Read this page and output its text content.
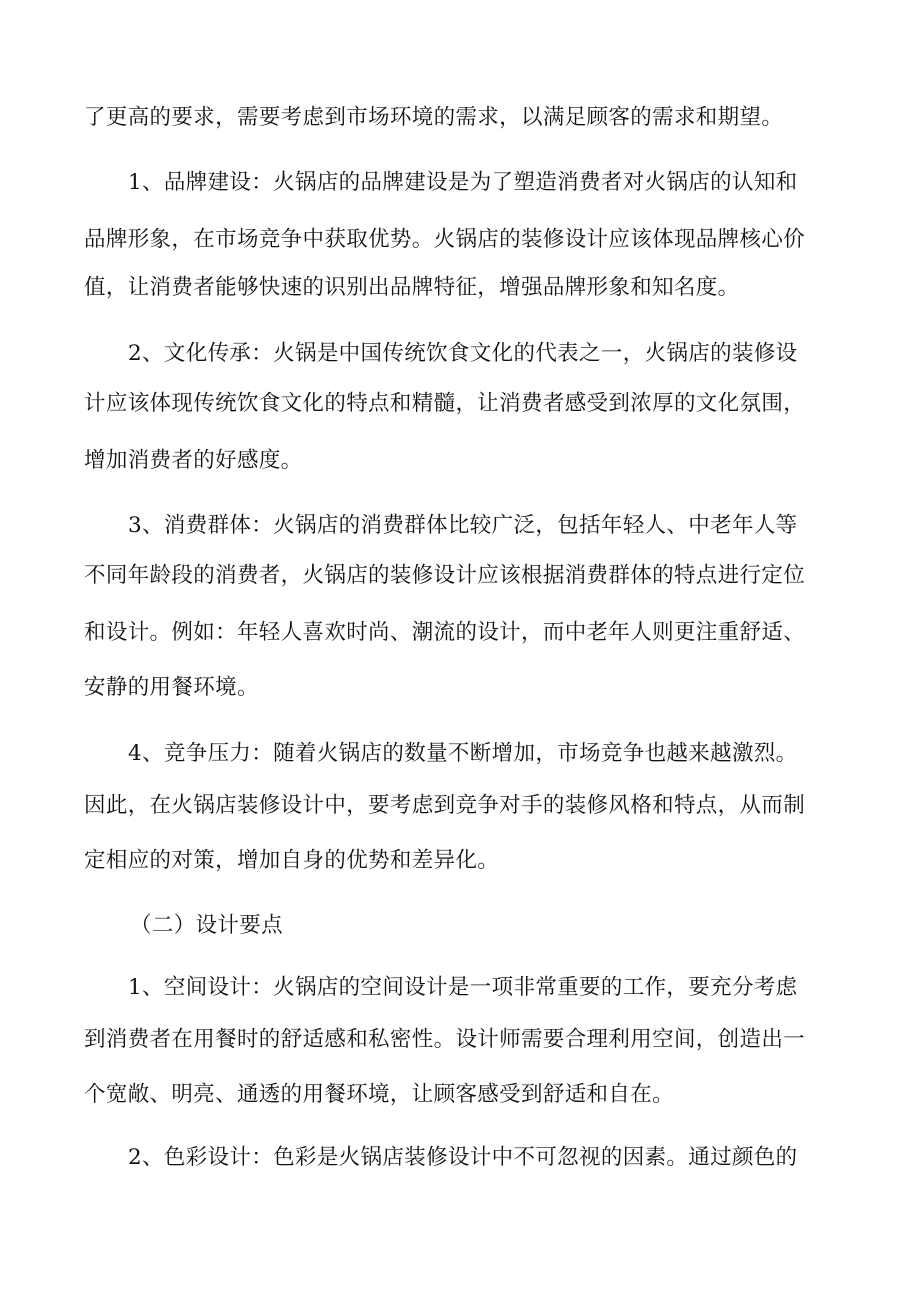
了更高的要求，需要考虑到市场环境的需求，以满足顾客的需求和期望。
1、品牌建设：火锅店的品牌建设是为了塑造消费者对火锅店的认知和
品牌形象，在市场竞争中获取优势。火锅店的装修设计应该体现品牌核心价
值，让消费者能够快速的识别出品牌特征，增强品牌形象和知名度。
2、文化传承：火锅是中国传统饮食文化的代表之一，火锅店的装修设
计应该体现传统饮食文化的特点和精髓，让消费者感受到浓厚的文化氛围，
增加消费者的好感度。
3、消费群体：火锅店的消费群体比较广泛，包括年轻人、中老年人等
不同年龄段的消费者，火锅店的装修设计应该根据消费群体的特点进行定位
和设计。例如：年轻人喜欢时尚、潮流的设计，而中老年人则更注重舒适、
安静的用餐环境。
4、竞争压力：随着火锅店的数量不断增加，市场竞争也越来越激烈。
因此，在火锅店装修设计中，要考虑到竞争对手的装修风格和特点，从而制
定相应的对策，增加自身的优势和差异化。
（二）设计要点
1、空间设计：火锅店的空间设计是一项非常重要的工作，要充分考虑
到消费者在用餐时的舒适感和私密性。设计师需要合理利用空间，创造出一
个宽敞、明亮、通透的用餐环境，让顾客感受到舒适和自在。
2、色彩设计：色彩是火锅店装修设计中不可忽视的因素。通过颜色的
